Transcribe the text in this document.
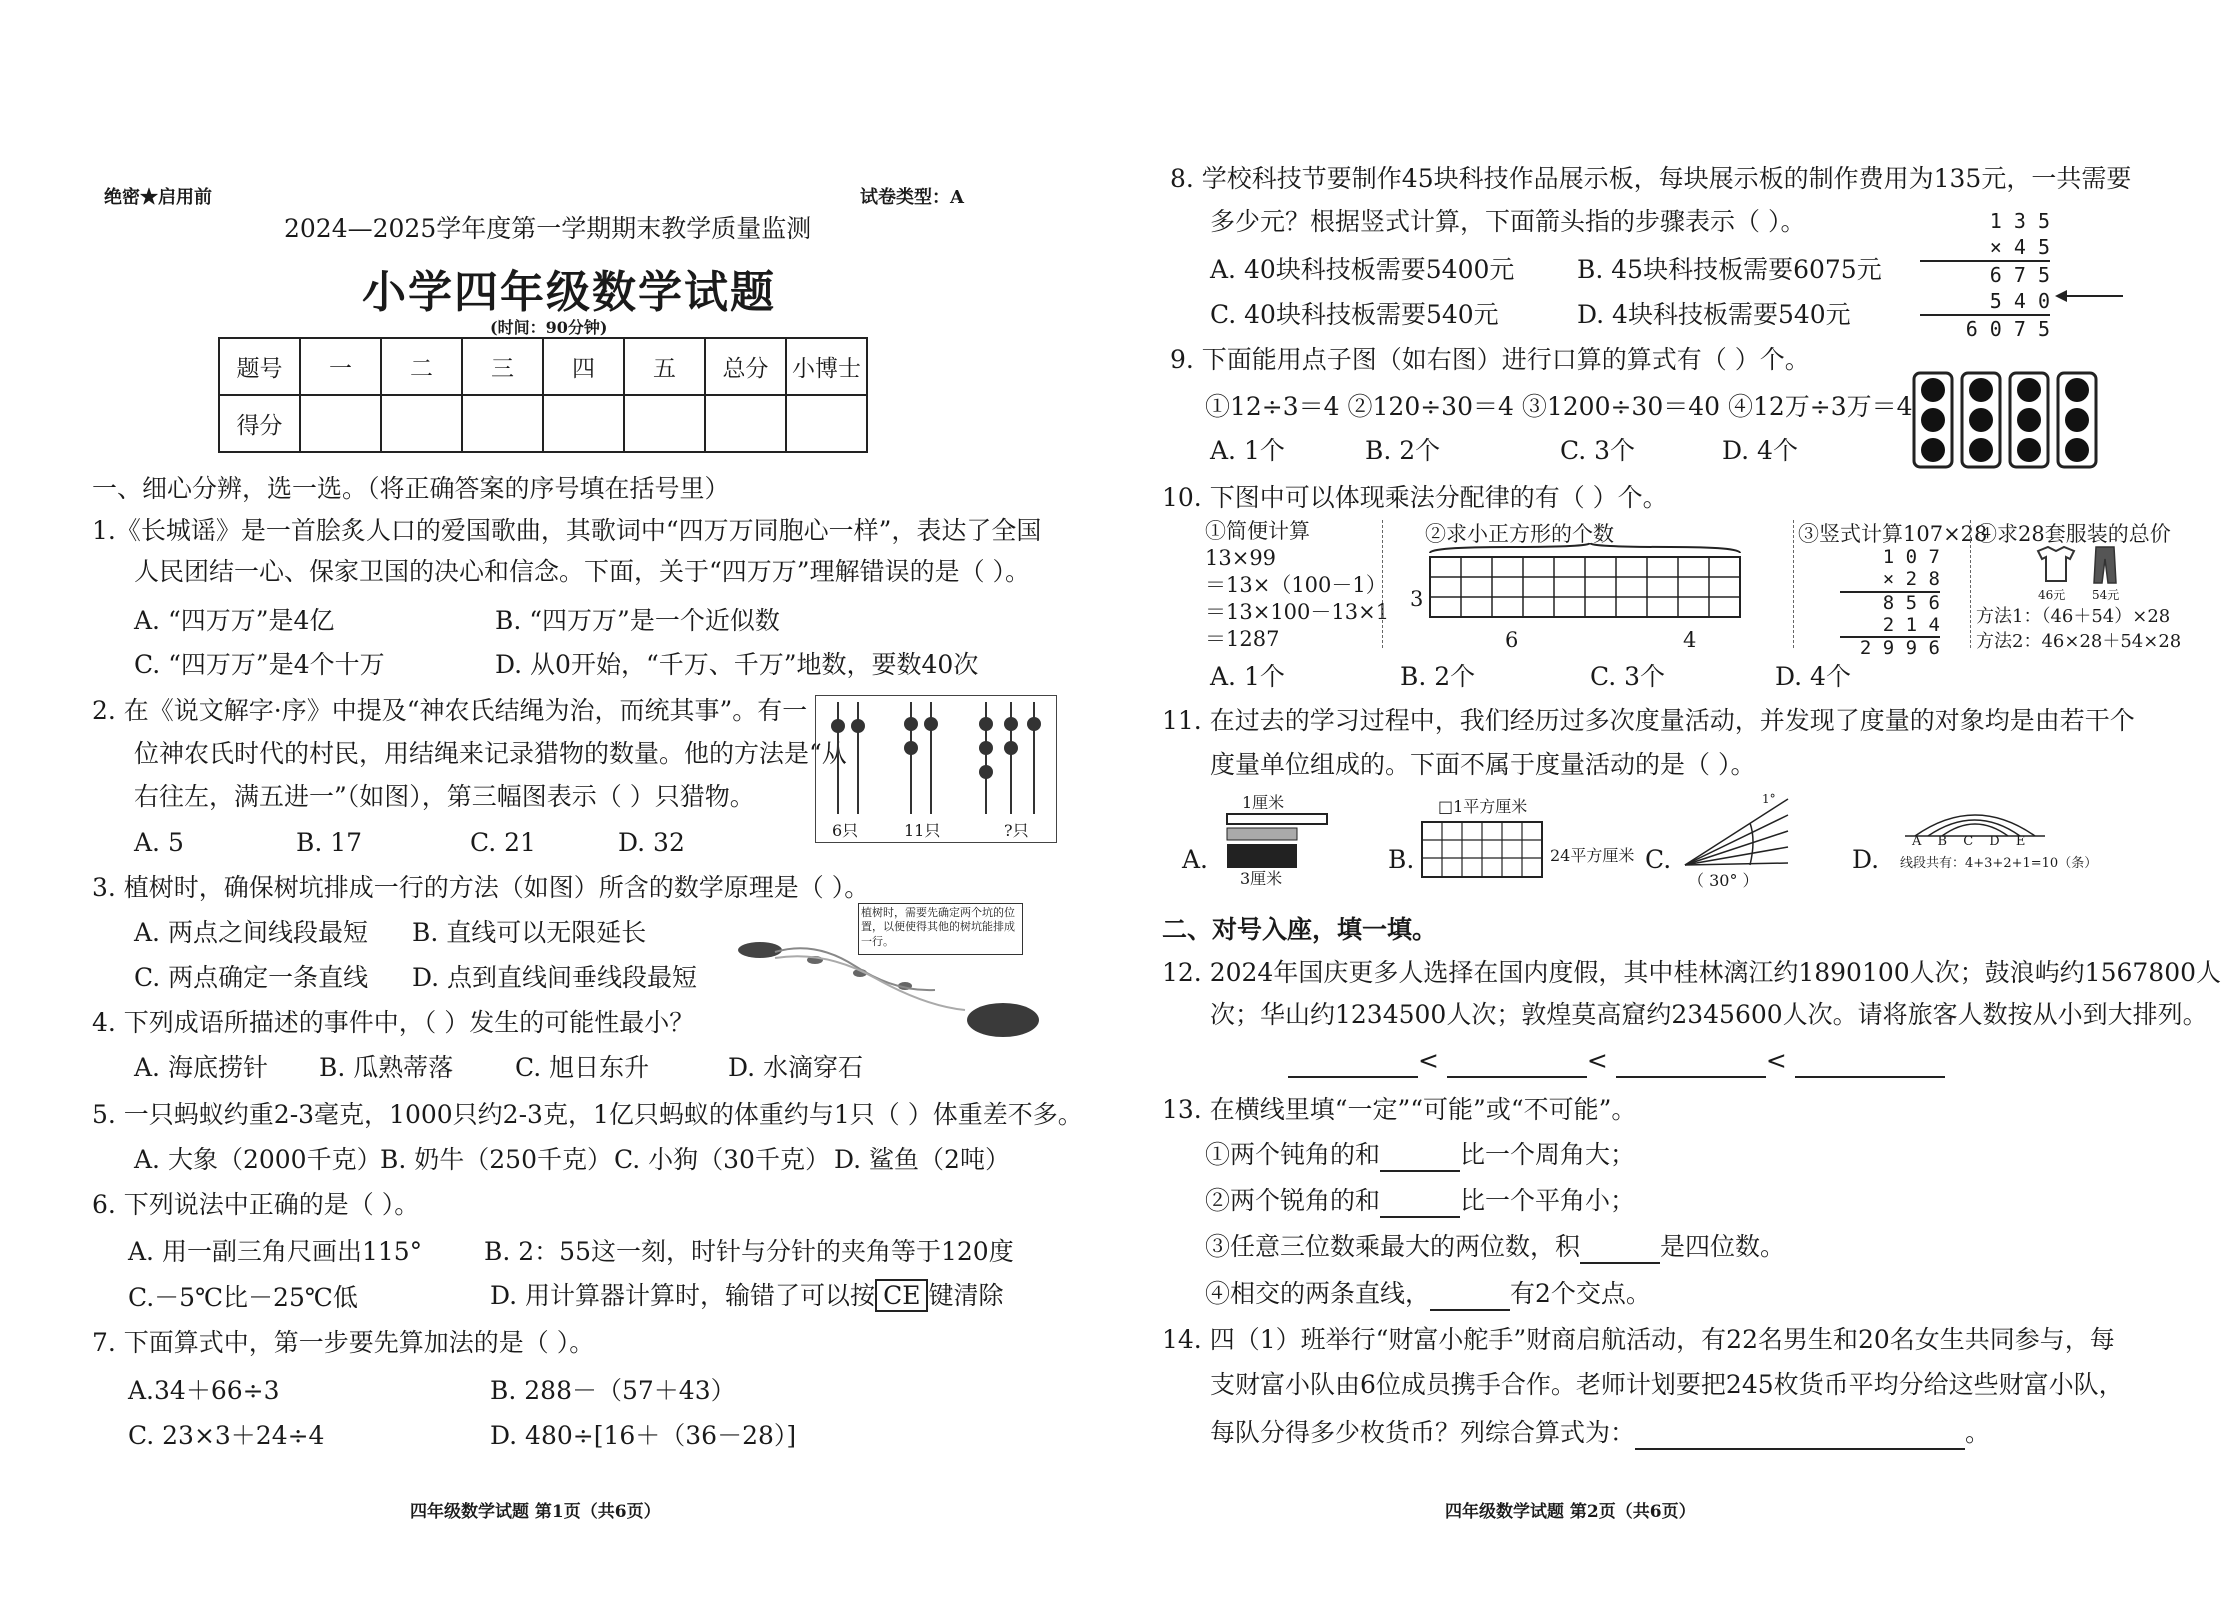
绝密★启用前	试卷类型：A
2024—2025学年度第一学期期末教学质量监测
小学四年级数学试题
(时间：90分钟)
题号	一	二	三	四	五	总分	小博士
得分							
一、细心分辨，选一选。（将正确答案的序号填在括号里）
1.《长城谣》是一首脍炙人口的爱国歌曲，其歌词中“四万万同胞心一样”，表达了全国
人民团结一心、保家卫国的决心和信念。下面，关于“四万万”理解错误的是（ ）。
A. “四万万”是4亿	B. “四万万”是一个近似数
C. “四万万”是4个十万	D. 从0开始，“千万、千万”地数，要数40次
2. 在《说文解字·序》中提及“神农氏结绳为治，而统其事”。有一
位神农氏时代的村民，用结绳来记录猎物的数量。他的方法是“从
右往左，满五进一”（如图），第三幅图表示（ ）只猎物。
A. 5	B. 17	C. 21	D. 32	6只	11只	?只
3. 植树时，确保树坑排成一行的方法（如图）所含的数学原理是（ ）。
A. 两点之间线段最短 B. 直线可以无限延长
C. 两点确定一条直线 D. 点到直线间垂线段最短
植树时，需要先确定两个坑的位置，以便使得其他的树坑能排成一行。
4. 下列成语所描述的事件中，（ ）发生的可能性最小？
A. 海底捞针 B. 瓜熟蒂落 C. 旭日东升	D. 水滴穿石
5. 一只蚂蚁约重2-3毫克，1000只约2-3克，1亿只蚂蚁的体重约与1只（ ）体重差不多。
A. 大象（2000千克）
B. 奶牛（250千克） C. 小狗（30千克） D. 鲨鱼（2吨）
6. 下列说法中正确的是（ ）。
A. 用一副三角尺画出115° B. 2：55这一刻，时针与分针的夹角等于120度
C.－5℃比－25℃低	D. 用计算器计算时，输错了可以按 CE 键清除
7. 下面算式中，第一步要先算加法的是（ ）。
A.34＋66÷3	B. 288－（57＋43）
C. 23×3＋24÷4	D. 480÷[16＋（36－28）]
四年级数学试题 第1页（共6页）
8. 学校科技节要制作45块科技作品展示板，每块展示板的制作费用为135元，一共需要
多少元？根据竖式计算，下面箭头指的步骤表示（ ）。
A. 40块科技板需要5400元	B. 45块科技板需要6075元
C. 40块科技板需要540元	D. 4块科技板需要540元
1 3 5
× 4 5
6 7 5
5 4 0
6 0 7 5
9. 下面能用点子图（如右图）进行口算的算式有（ ）个。
①12÷3＝4 ②120÷30＝4 ③1200÷30＝40 ④12万÷3万＝4
A. 1个	B. 2个	C. 3个	D. 4个
10. 下图中可以体现乘法分配律的有（ ）个。
①简便计算
13×99
＝13×（100－1）
＝13×100－13×1
＝1287
②求小正方形的个数
3
6	4
③竖式计算107×28
1 0 7
× 2 8
8 5 6
2 1 4
2 9 9 6
④求28套服装的总价
46元 54元
方法1：（46＋54）×28
方法2：46×28＋54×28
A. 1个	B. 2个	C. 3个	D. 4个
11. 在过去的学习过程中，我们经历过多次度量活动，并发现了度量的对象均是由若干个
度量单位组成的。下面不属于度量活动的是（ ）。
A.
1厘米
3厘米
B.
□1平方厘米
24平方厘米 C.
1°
（ 30° ）
D.
A B C D E
线段共有：4+3+2+1=10（条）
二、对号入座，填一填。
12. 2024年国庆更多人选择在国内度假，其中桂林漓江约1890100人次；鼓浪屿约1567800人
次；华山约1234500人次；敦煌莫高窟约2345600人次。请将旅客人数按从小到大排列。
<	<	<
13. 在横线里填“一定”“可能”或“不可能”。
①两个钝角的和	比一个周角大；
②两个锐角的和	比一个平角小；
③任意三位数乘最大的两位数，积	是四位数。
④相交的两条直线，	有2个交点。
14. 四（1）班举行“财富小舵手”财商启航活动，有22名男生和20名女生共同参与，每
支财富小队由6位成员携手合作。老师计划要把245枚货币平均分给这些财富小队，
每队分得多少枚货币？列综合算式为：	。
四年级数学试题 第2页（共6页）
